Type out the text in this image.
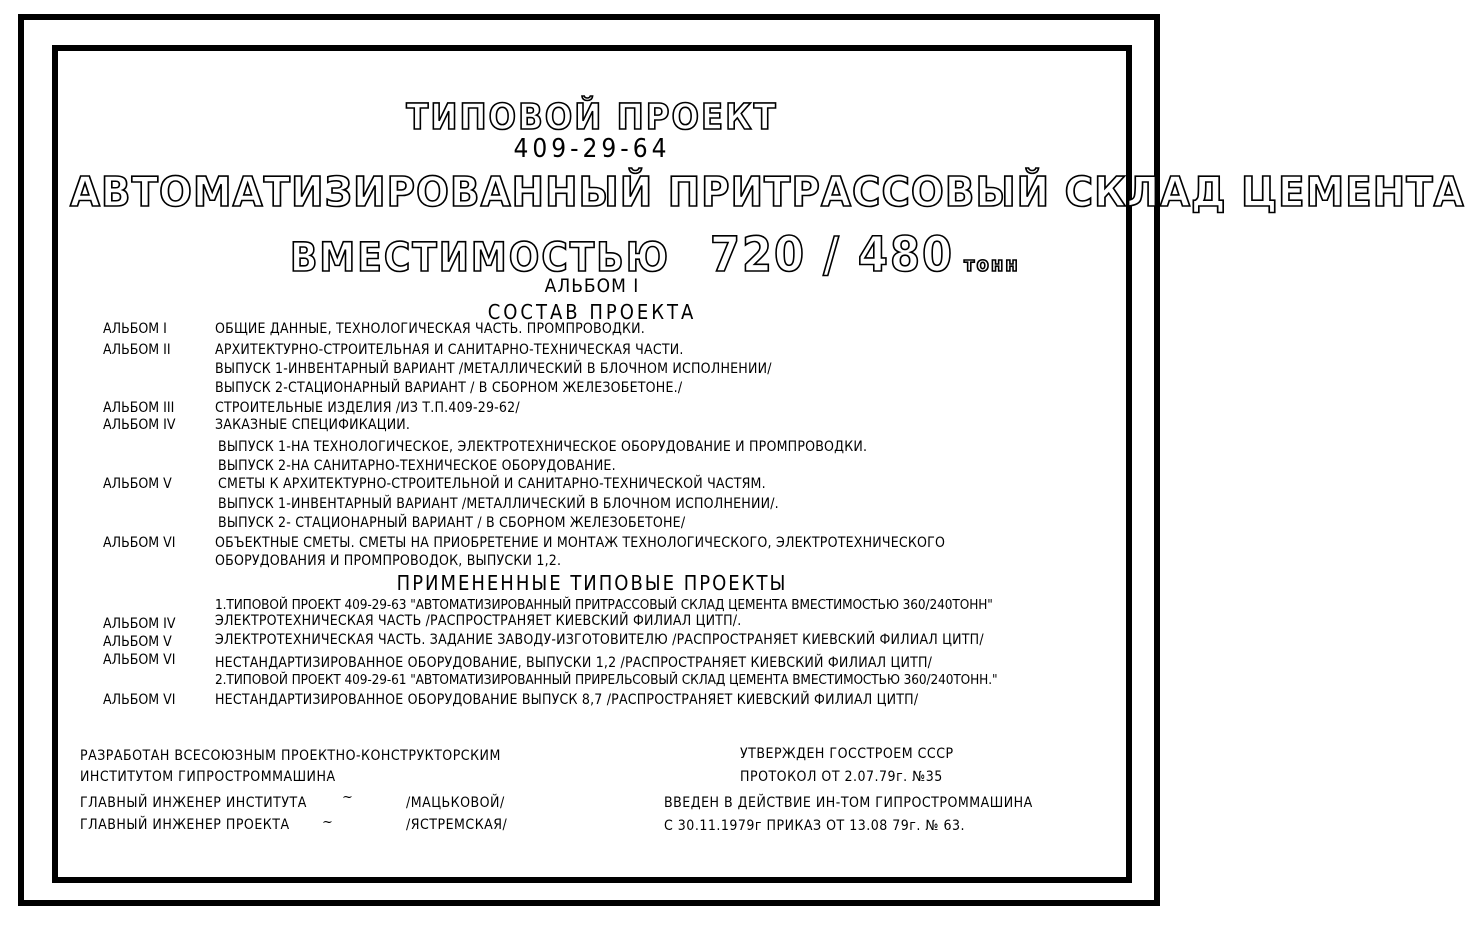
ТИПОВОЙ ПРОЕКТ
409-29-64
АВТОМАТИЗИРОВАННЫЙ ПРИТРАССОВЫЙ СКЛАД ЦЕМЕНТА
ВМЕСТИМОСТЬЮ 720 / 480 тонн
АЛЬБОМ I
СОСТАВ ПРОЕКТА
АЛЬБОМ I	ОБЩИЕ ДАННЫЕ, ТЕХНОЛОГИЧЕСКАЯ ЧАСТЬ. ПРОМПРОВОДКИ.
АЛЬБОМ II	АРХИТЕКТУРНО-СТРОИТЕЛЬНАЯ И САНИТАРНО-ТЕХНИЧЕСКАЯ ЧАСТИ.
ВЫПУСК 1-ИНВЕНТАРНЫЙ ВАРИАНТ /МЕТАЛЛИЧЕСКИЙ В БЛОЧНОМ ИСПОЛНЕНИИ/
ВЫПУСК 2-СТАЦИОНАРНЫЙ ВАРИАНТ / В СБОРНОМ ЖЕЛЕЗОБЕТОНЕ./
АЛЬБОМ III	СТРОИТЕЛЬНЫЕ ИЗДЕЛИЯ /ИЗ Т.П.409-29-62/
АЛЬБОМ IV	ЗАКАЗНЫЕ СПЕЦИФИКАЦИИ.
ВЫПУСК 1-НА ТЕХНОЛОГИЧЕСКОЕ, ЭЛЕКТРОТЕХНИЧЕСКОЕ ОБОРУДОВАНИЕ И ПРОМПРОВОДКИ.
ВЫПУСК 2-НА САНИТАРНО-ТЕХНИЧЕСКОЕ ОБОРУДОВАНИЕ.
АЛЬБОМ V	СМЕТЫ К АРХИТЕКТУРНО-СТРОИТЕЛЬНОЙ И САНИТАРНО-ТЕХНИЧЕСКОЙ ЧАСТЯМ.
ВЫПУСК 1-ИНВЕНТАРНЫЙ ВАРИАНТ /МЕТАЛЛИЧЕСКИЙ В БЛОЧНОМ ИСПОЛНЕНИИ/.
ВЫПУСК 2- СТАЦИОНАРНЫЙ ВАРИАНТ / В СБОРНОМ ЖЕЛЕЗОБЕТОНЕ/
АЛЬБОМ VI	ОБЪЕКТНЫЕ СМЕТЫ. СМЕТЫ НА ПРИОБРЕТЕНИЕ И МОНТАЖ ТЕХНОЛОГИЧЕСКОГО, ЭЛЕКТРОТЕХНИЧЕСКОГО
ОБОРУДОВАНИЯ И ПРОМПРОВОДОК, ВЫПУСКИ 1,2.
ПРИМЕНЕННЫЕ ТИПОВЫЕ ПРОЕКТЫ
1.ТИПОВОЙ ПРОЕКТ 409-29-63 "АВТОМАТИЗИРОВАННЫЙ ПРИТРАССОВЫЙ СКЛАД ЦЕМЕНТА ВМЕСТИМОСТЬЮ 360/240ТОНН"
АЛЬБОМ IV	ЭЛЕКТРОТЕХНИЧЕСКАЯ ЧАСТЬ /РАСПРОСТРАНЯЕТ КИЕВСКИЙ ФИЛИАЛ ЦИТП/.
АЛЬБОМ V	ЭЛЕКТРОТЕХНИЧЕСКАЯ ЧАСТЬ. ЗАДАНИЕ ЗАВОДУ-ИЗГОТОВИТЕЛЮ /РАСПРОСТРАНЯЕТ КИЕВСКИЙ ФИЛИАЛ ЦИТП/
АЛЬБОМ VI	НЕСТАНДАРТИЗИРОВАННОЕ ОБОРУДОВАНИЕ, ВЫПУСКИ 1,2 /РАСПРОСТРАНЯЕТ КИЕВСКИЙ ФИЛИАЛ ЦИТП/
2.ТИПОВОЙ ПРОЕКТ 409-29-61 "АВТОМАТИЗИРОВАННЫЙ ПРИРЕЛЬСОВЫЙ СКЛАД ЦЕМЕНТА ВМЕСТИМОСТЬЮ 360/240ТОНН."
АЛЬБОМ VI	НЕСТАНДАРТИЗИРОВАННОЕ ОБОРУДОВАНИЕ ВЫПУСК 8,7 /РАСПРОСТРАНЯЕТ КИЕВСКИЙ ФИЛИАЛ ЦИТП/
РАЗРАБОТАН ВСЕСОЮЗНЫМ ПРОЕКТНО-КОНСТРУКТОРСКИМ
ИНСТИТУТОМ ГИПРОСТРОММАШИНА
ГЛАВНЫЙ ИНЖЕНЕР ИНСТИТУТА	~	/МАЦЬКОВОЙ/
ГЛАВНЫЙ ИНЖЕНЕР ПРОЕКТА ~	/ЯСТРЕМСКАЯ/
УТВЕРЖДЕН ГОССТРОЕМ СССР
ПРОТОКОЛ ОТ 2.07.79г. №35
ВВЕДЕН В ДЕЙСТВИЕ ИН-ТОМ ГИПРОСТРОММАШИНА
С 30.11.1979г ПРИКАЗ ОТ 13.08 79г. № 63.
